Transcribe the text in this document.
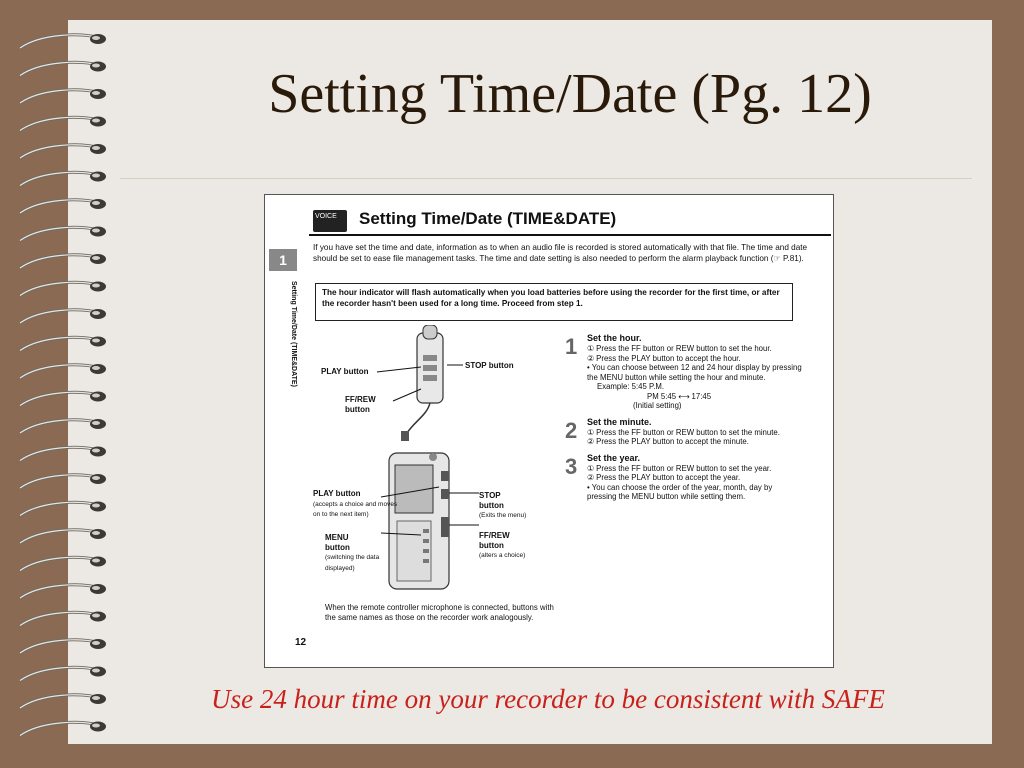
Setting Time/Date (Pg. 12)
VOICE	Setting Time/Date (TIME&DATE)
1
Setting Time/Date (TIME&DATE)
If you have set the time and date, information as to when an audio file is recorded is stored automatically with that file. The time and date should be set to ease file management tasks. The time and date setting is also needed to perform the alarm playback function (☞ P.81).
The hour indicator will flash automatically when you load batteries before using the recorder for the first time, or after the recorder hasn't been used for a long time. Proceed from step 1.
PLAY button
STOP button
FF/REW
button
PLAY button
(accepts a choice and moves on to the next item)
MENU
button
(switching the data displayed)
STOP
button
(Exits the menu)
FF/REW
button
(alters a choice)
When the remote controller microphone is connected, buttons with the same names as those on the recorder work analogously.
12
1 Set the hour.
① Press the FF button or REW button to set the hour.
② Press the PLAY button to accept the hour.
• You can choose between 12 and 24 hour display by pressing the MENU button while setting the hour and minute.
Example: 5:45 P.M.
PM 5:45 ⟷ 17:45
(Initial setting)
2 Set the minute.
① Press the FF button or REW button to set the minute.
② Press the PLAY button to accept the minute.
3 Set the year.
① Press the FF button or REW button to set the year.
② Press the PLAY button to accept the year.
• You can choose the order of the year, month, day by pressing the MENU button while setting them.
Use 24 hour time on your recorder to be consistent with SAFE
